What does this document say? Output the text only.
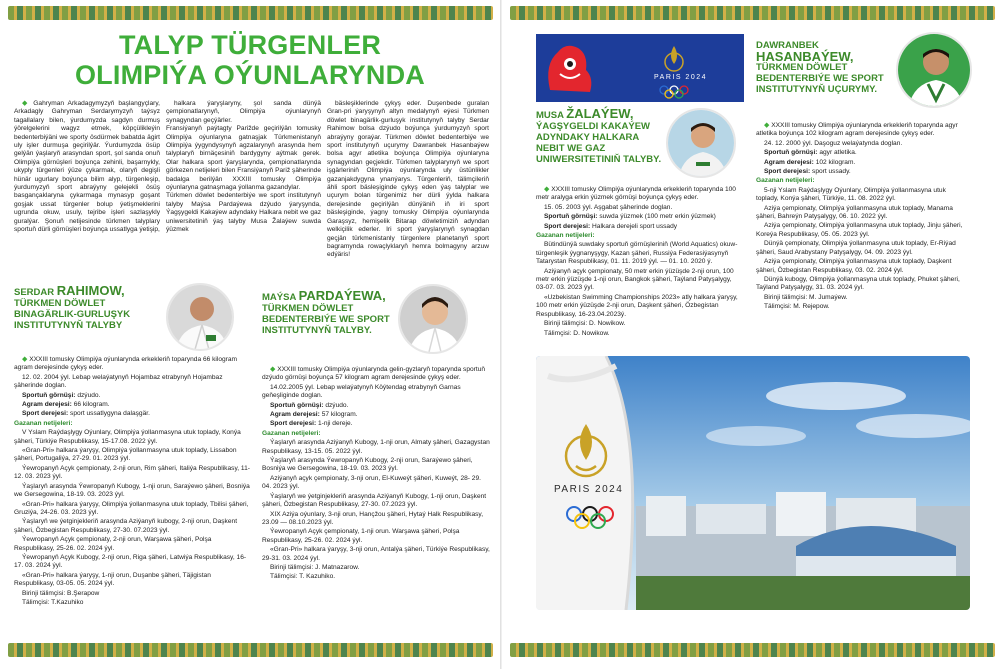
TALYP TÜRGENLER OLIMPIÝA OÝUNLARYNDA

◆ Gahryman Arkadagymyzyň başlangyçlary, Arkadagly Gahryman Serdarymyzyň taýsyz tagallalary bilen, ýurdumyzda sagdyn durmuş ýörelgelerini wagyz etmek, köpçülikleýin bedenterbiýäni we sporty ösdürmek babatda ägirt uly işler durmuşa geçirilýär. Ýurdumyzda ösüp gelýän ýaşlaryň arasyndan sport, şol sanda onuň Olimpiýa görnüşleri boýunça zehinli, başarnykly, ukyply türgenleri ýüze çykarmak, olaryň degişli hünär ugurlary boýunça bilim alyp, türgenleşip, ýurdumyzyň sport abraýyny gelejekli ösüş basgançaklaryna çykarmaga mynasyp goşant goşjak ussat türgenler bolup ýetişmeklerini ugrunda okuw, usuly, tejribe işleri sazlaşykly guralýar. Şonuň netijesinde türkmen talyplary sportuň dürli görnüşleri boýunça ussatlyga ýetişip,

halkara ýaryşlaryny, şol sanda dünýä çempionatlarynyň, Olimpiýa oýunlarynyň synagyndan geçýärler.
Fransiýanyň paýtagty Parižde geçirilýän tomusky Olimpiýa oýunlaryna gatnaşjak Türkmenistanyň Olimpiýa ýygyndysynyň agzalarynyň arasynda hem talyplaryň birnäçesiniň bardygyny aýtmak gerek. Olar halkara sport ýaryşlarynda, çempionatlarynda görkezen netijeleri bilen Fransiýanyň Pariž şäherinde badalga berilýän XXXIII tomusky Olimpiýa oýunlaryna gatnaşmaga ýollanma gazandylar.
Türkmen döwlet bedenterbiýe we sport institutynyň talyby Maýsa Pardaýewa dzýudo ýaryşynda, Ýagşygeldi Kakaýew adyndaky Halkara nebit we gaz uniwersitetiniň ýaş talyby Musa Žalaýew suwda ýüzmek

bäsleşiklerinde çykyş eder. Duşenbede guralan Gran-pri ýaryşynyň altyn medalynyň eýesi Türkmen döwlet binagärlik-gurluşyk institutynyň talyby Serdar Rahimow bolsa dzýudo boýunça ýurdumyzyň sport abraýyny goraýar. Türkmen döwlet bedenterbiýe we sport institutynyň uçurymy Dawranbek Hasanbaýew bolsa agyr atletika boýunça Olimpiýa oýunlaryna synagyndan geçjekdir. Türkmen talyplarynyň we sport işgärleriniň Olimpiýa oýunlarynda uly üstünlikler gazanjakdygyna ynanýarys. Türgenleriň, tälimçileriň ähli sport bäsleşiginde çykyş eden ýaş talyplar we uçurym bolan türgenimiz her dürli ýylda halkara derejesinde geçirilýän dünýäniň iň iri sport bäsleşiginde, ýagny tomusky Olimpiýa oýunlarynda Garaşsyz, hemişelik Bitarap döwletimiziň adyndan welkiçilik ederler. Iri sport ýaryşlarynyň synagdan geçjän türkmenistanly türgenlere planetanyň sport bagramynda rowaçlyklaryň hemra bolmagyny arzuw edýäris!

SERDAR RAHIMOW,
TÜRKMEN DÖWLET BINAGÄRLIK-GURLUŞYK INSTITUTYNYŇ TALYBY
MAÝSA PARDAÝEWA,
TÜRKMEN DÖWLET BEDENTERBIÝE WE SPORT INSTITUTYNYŇ TALYBY.

◆ XXXIII tomusky Olimpiýa oýunlarynda erkekleriň toparynda 66 kilogram agram derejesinde çykyş eder.

12. 02. 2004 ýyl. Lebap welaýatynyň Hojambaz etrabynyň Hojambaz şäherinde doglan.

Sportuň görnüşi: dzýudo.

Agram derejesi: 66 kilogram.

Sport derejesi: sport ussatlygyna dalaşgär.

Gazanan netijeleri:

V Yslam Raýdaşlygy Oýunlary, Olimpiýa ýollanmasyna utuk toplady, Konýa şäheri, Türkiýe Respublikasy, 15-17.08. 2022 ýyl.

«Gran-Pri» halkara ýaryşy, Olimpiýa ýollanmasyna utuk toplady, Lissabon şäheri, Portugaliýa, 27-29. 01. 2023 ýyl.

Ýewropanyň Açyk çempionaty, 2-nji orun, Rim şäheri, Italiýa Respublikasy, 11-12. 03. 2023 ýyl.

Ýaşlaryň arasynda Ýewropanyň Kubogy, 1-nji orun, Saraýewo şäheri, Bosniýa we Gersegowina, 18-19. 03. 2023 ýyl.

«Gran-Pri» halkara ýaryşy, Olimpiýa ýollanmasyna utuk toplady, Tbilisi şäheri, Gruziýa, 24-26. 03. 2023 ýyl.

Ýaşlaryň we ýetginjekleriň arasynda Aziýanyň kubogy, 2-nji orun, Daşkent şäheri, Özbegistan Respublikasy, 27-30. 07.2023 ýyl.

Ýewropanyň Açyk çempionaty, 2-nji orun, Warşawa şäheri, Polşa Respublikasy, 25-26. 02. 2024 ýyl.

Ýewropanyň Açyk Kubogy, 2-nji orun, Riga şäheri, Latwiýa Respublikasy, 16- 17. 03. 2024 ýyl.

«Gran-Pri» halkara ýaryşy, 1-nji orun, Duşanbe şäheri, Täjigistan Respublikasy, 03-05. 05. 2024 ýyl.

Birinji tälimçisi: B.Şerapow

Tälimçisi: T.Kazuhiko

◆ XXXIII tomusky Olimpiýa oýunlarynda gelin-gyzlaryň toparynda sportuň dzýudo görnüşi boýunça 57 kilogram agram derejesinde çykyş eder.

14.02.2005 ýyl. Lebap welaýatynyň Köýtendag etrabynyň Garnas geňeşliginde doglan.

Sportuň görnüşi: dzýudo.

Agram derejesi: 57 kilogram.

Sport derejesi: 1-nji dereje.

Gazanan netijeleri:

Ýaşlaryň arasynda Aziýanyň Kubogy, 1-nji orun, Almaty şäheri, Gazagystan Respublikasy, 13-15. 05. 2022 ýyl.

Ýaşlaryň arasynda Ýewropanyň Kubogy, 2-nji orun, Saraýewo şäheri, Bosniýa we Gersegowina, 18-19. 03. 2023 ýyl.

Aziýanyň açyk çempionaty, 3-nji orun, El-Kuweýt şäheri, Kuweýt, 28- 29. 04. 2023 ýyl.

Ýaşlaryň we ýetginjekleriň arasynda Aziýanyň Kubogy, 1-nji orun, Daşkent şäheri, Özbegistan Respublikasy, 27-30. 07.2023 ýyl.

XIX Aziýa oýunlary, 3-nji orun, Hançžou şäheri, Hytaý Halk Respublikasy, 23.09 — 08.10.2023 ýyl.

Ýewropanyň Açyk çempionaty, 1-nji orun. Warşawa şäheri, Polşa Respublikasy, 25-26. 02. 2024 ýyl.

«Gran-Pri» halkara ýaryşy, 3-nji orun, Antalýa şäheri, Türkiýe Respublikasy, 29-31. 03. 2024 ýyl.

Birinji tälimçisi: J. Matnazarow.

Tälimçisi: T. Kazuhiko.

PARIS 2024
MUSA ŽALAÝEW,
ÝAGŞYGELDI KAKAÝEW ADYNDAKY HALKARA NEBIT WE GAZ UNIWERSITETINIŇ TALYBY.
DAWRANBEK
HASANBAÝEW,
TÜRKMEN DÖWLET BEDENTERBIÝE WE SPORT INSTITUTYNYŇ UÇURYMY.

◆ XXXIII tomusky Olimpiýa oýunlarynda erkekleriň toparynda 100 metr aralyga erkin ýüzmek görnüşi boýunça çykyş eder.

15. 05. 2003 ýyl. Aşgabat şäherinde doglan.

Sportuň görnüşi: suwda ýüzmek (100 metr erkin ýüzmek)

Sport derejesi: Halkara derejeli sport ussady

Gazanan netijeleri:

Bütindünýä suwdaky sportuň görnüşleriniň (World Aquatics) okuw-türgenleşik ýygnanyşygy, Kazan şäheri, Russiýa Federasiýasynyň Tatarystan Respublikasy, 01. 11. 2019 ýyl. — 01. 10. 2020 ý.

Aziýanyň açyk çempionaty, 50 metr erkin ýüzüşde 2-nji orun, 100 metr erkin ýüzüşde 1-nji orun, Bangkok şäheri, Taýland Patyşalygy, 03-07. 03. 2023 ýyl.

«Uzbekistan Swimming Championships 2023» atly halkara ýaryşy, 100 metr erkin ýüzüşde 2-nji orun, Daşkent şäheri, Özbegistan Respublikasy, 16-23.04.2023ý.

Birinji tälimçisi: D. Nowikow.

Tälimçisi: D. Nowikow.

◆ XXXIII tomusky Olimpiýa oýunlarynda erkekleriň toparynda agyr atletika boýunça 102 kilogram agram derejesinde çykyş eder.

24. 12. 2000 ýyl. Daşoguz welaýatynda doglan.

Sportuň görnüşi: agyr atletika.

Agram derejesi: 102 kilogram.

Sport derejesi: sport ussady.

Gazanan netijeleri:

5-nji Yslam Raýdaşlygy Oýunlary, Olimpiýa ýollanmasyna utuk toplady, Konýa şäheri, Türkiýe, 11. 08. 2022 ýyl.

Aziýa çempionaty, Olimpiýa ýollanmasyna utuk toplady, Manama şäheri, Bahreýn Patyşalygy, 06. 10. 2022 ýyl.

Aziýa çempionaty, Olimpiýa ýollanmasyna utuk toplady, Jinju şäheri, Koreýa Respublikasy, 05. 05. 2023 ýyl.

Dünýä çempionaty, Olimpiýa ýollanmasyna utuk toplady, Er-Riýad şäheri, Saud Arabystany Patyşalygy, 04. 09. 2023 ýyl.

Aziýa çempionaty, Olimpiýa ýollanmasyna utuk toplady, Daşkent şäheri, Özbegistan Respublikasy, 03. 02. 2024 ýyl.

Dünýä kubogy, Olimpiýa ýollanmasyna utuk toplady, Phuket şäheri, Taýland Patyşalygy, 31. 03. 2024 ýyl.

Birinji tälimçisi: M. Jumaýew.

Tälimçisi: M. Rejepow.

PARIS 2024
